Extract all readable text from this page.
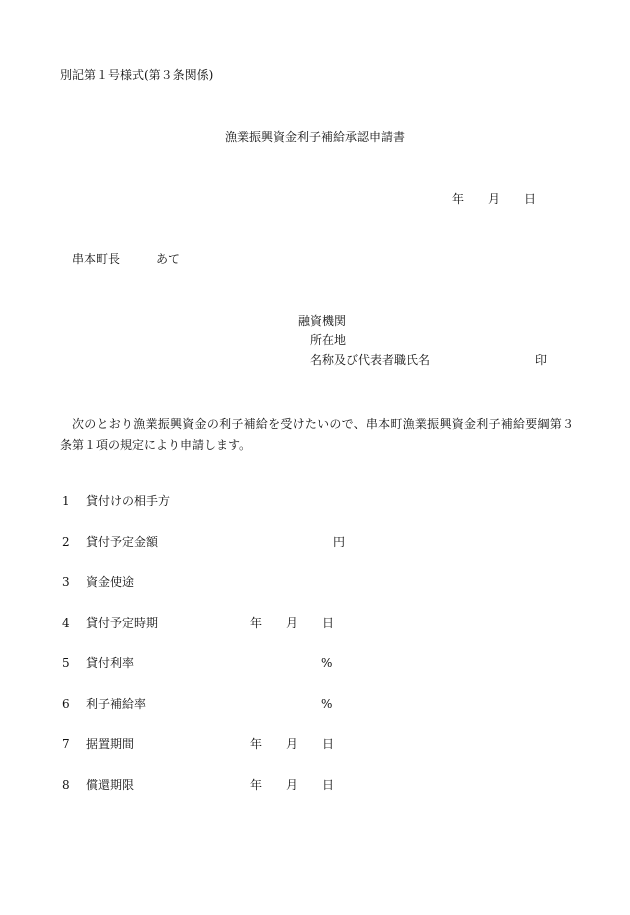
別記第１号様式(第３条関係)
漁業振興資金利子補給承認申請書
年 月 日
串本町長	あて
融資機関
所在地
名称及び代表者職氏名	印

次のとおり漁業振興資金の利子補給を受けたいので、串本町漁業振興資金利子補給要綱第３条第１項の規定により申請します。

1 貸付けの相手方
2 貸付予定金額	円
3 資金使途
4 貸付予定時期	年 月 日
5 貸付利率	%
6 利子補給率	%
7 据置期間	年 月 日
8 償還期限	年 月 日
